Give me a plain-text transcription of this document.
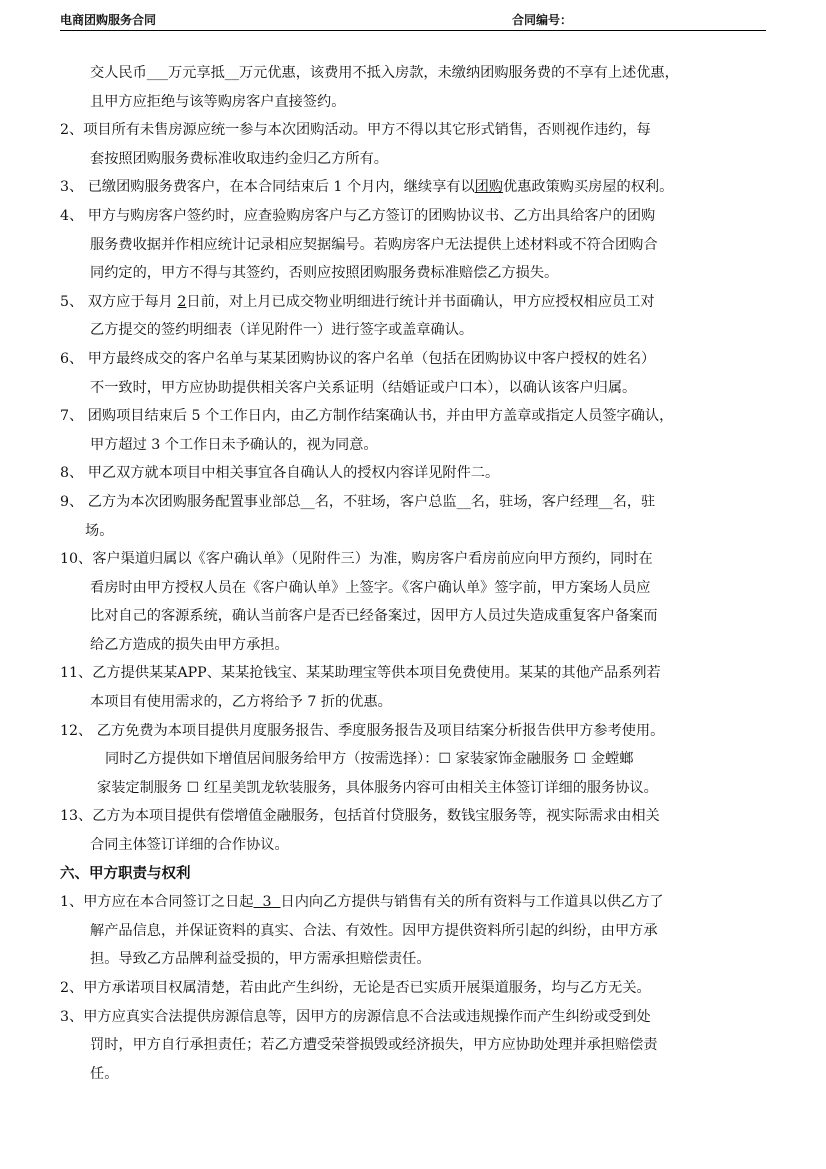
电商团购服务合同	合同编号：
交人民币___万元享抵__万元优惠，该费用不抵入房款，未缴纳团购服务费的不享有上述优惠，
且甲方应拒绝与该等购房客户直接签约。
2、项目所有未售房源应统一参与本次团购活动。甲方不得以其它形式销售，否则视作违约，每
套按照团购服务费标准收取违约金归乙方所有。
3、 已缴团购服务费客户，在本合同结束后 1 个月内，继续享有以团购优惠政策购买房屋的权利。
4、 甲方与购房客户签约时，应查验购房客户与乙方签订的团购协议书、乙方出具给客户的团购
服务费收据并作相应统计记录相应契据编号。若购房客户无法提供上述材料或不符合团购合
同约定的，甲方不得与其签约，否则应按照团购服务费标准赔偿乙方损失。
5、 双方应于每月 2日前，对上月已成交物业明细进行统计并书面确认，甲方应授权相应员工对
乙方提交的签约明细表（详见附件一）进行签字或盖章确认。
6、 甲方最终成交的客户名单与某某团购协议的客户名单（包括在团购协议中客户授权的姓名）
不一致时，甲方应协助提供相关客户关系证明（结婚证或户口本），以确认该客户归属。
7、 团购项目结束后 5 个工作日内，由乙方制作结案确认书，并由甲方盖章或指定人员签字确认，
甲方超过 3 个工作日未予确认的，视为同意。
8、 甲乙双方就本项目中相关事宜各自确认人的授权内容详见附件二。
9、 乙方为本次团购服务配置事业部总__名，不驻场，客户总监__名，驻场，客户经理__名，驻
场。
10、客户渠道归属以《客户确认单》（见附件三）为准，购房客户看房前应向甲方预约，同时在
看房时由甲方授权人员在《客户确认单》上签字。《客户确认单》签字前，甲方案场人员应
比对自己的客源系统，确认当前客户是否已经备案过，因甲方人员过失造成重复客户备案而
给乙方造成的损失由甲方承担。
11、乙方提供某某APP、某某抢钱宝、某某助理宝等供本项目免费使用。某某的其他产品系列若
本项目有使用需求的，乙方将给予 7 折的优惠。
12、 乙方免费为本项目提供月度服务报告、季度服务报告及项目结案分析报告供甲方参考使用。
同时乙方提供如下增值居间服务给甲方（按需选择）：☐ 家装家饰金融服务 ☐ 金螳螂
家装定制服务 ☐ 红星美凯龙软装服务，具体服务内容可由相关主体签订详细的服务协议。
13、乙方为本项目提供有偿增值金融服务，包括首付贷服务，数钱宝服务等，视实际需求由相关
合同主体签订详细的合作协议。
六、甲方职责与权利
1、甲方应在本合同签订之日起  3  日内向乙方提供与销售有关的所有资料与工作道具以供乙方了
解产品信息，并保证资料的真实、合法、有效性。因甲方提供资料所引起的纠纷，由甲方承
担。导致乙方品牌利益受损的，甲方需承担赔偿责任。
2、甲方承诺项目权属清楚，若由此产生纠纷，无论是否已实质开展渠道服务，均与乙方无关。
3、甲方应真实合法提供房源信息等，因甲方的房源信息不合法或违规操作而产生纠纷或受到处
罚时，甲方自行承担责任；若乙方遭受荣誉损毁或经济损失，甲方应协助处理并承担赔偿责
任。
